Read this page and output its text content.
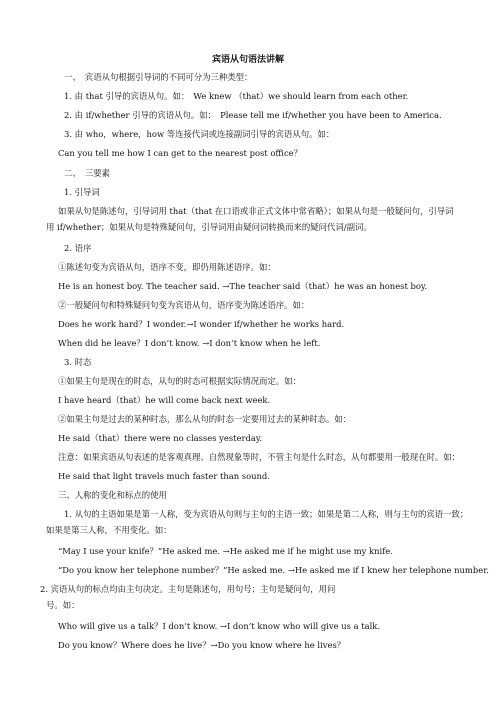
宾语从句语法讲解
一、　宾语从句根据引导词的不同可分为三种类型：
1. 由 that 引导的宾语从句。如：　We knew （that）we should learn from each other.
2. 由 if/whether 引导的宾语从句。如：　Please tell me if/whether you have been to America.
3. 由 who，where，how 等连接代词或连接副词引导的宾语从句。如：
Can you tell me how I can get to the nearest post office？
二、　三要素
1. 引导词
如果从句是陈述句，引导词用 that（that 在口语或非正式文体中常省略）；如果从句是一般疑问句，引导词
用 if/whether；如果从句是特殊疑问句，引导词用由疑问词转换而来的疑问代词/副词。
2. 语序
①陈述句变为宾语从句，语序不变，即仍用陈述语序。如：
He is an honest boy. The teacher said. →The teacher said（that）he was an honest boy.
②一般疑问句和特殊疑问句变为宾语从句，语序变为陈述语序。如：
Does he work hard？I wonder.→I wonder if/whether he works hard.
When did he leave？I don’t know. →I don’t know when he left.
3. 时态
①如果主句是现在的时态，从句的时态可根据实际情况而定。如：
I have heard（that）he will come back next week.
②如果主句是过去的某种时态，那么从句的时态一定要用过去的某种时态。如：
He said（that）there were no classes yesterday.
注意：如果宾语从句表述的是客观真理、自然现象等时，不管主句是什么时态，从句都要用一般现在时。如：
He said that light travels much faster than sound.
三、人称的变化和标点的使用
1. 从句的主语如果是第一人称，变为宾语从句则与主句的主语一致；如果是第二人称，则与主句的宾语一致；
如果是第三人称，不用变化。如：
“May I use your knife？”He asked me. →He asked me if he might use my knife.
“Do you know her telephone number？”He asked me. →He asked me if I knew her telephone number.
2. 宾语从句的标点均由主句决定。主句是陈述句，用句号；主句是疑问句，用问
号。如：
Who will give us a talk？I don’t know. →I don’t know who will give us a talk.
Do you know？Where does he live？→Do you know where he lives？
